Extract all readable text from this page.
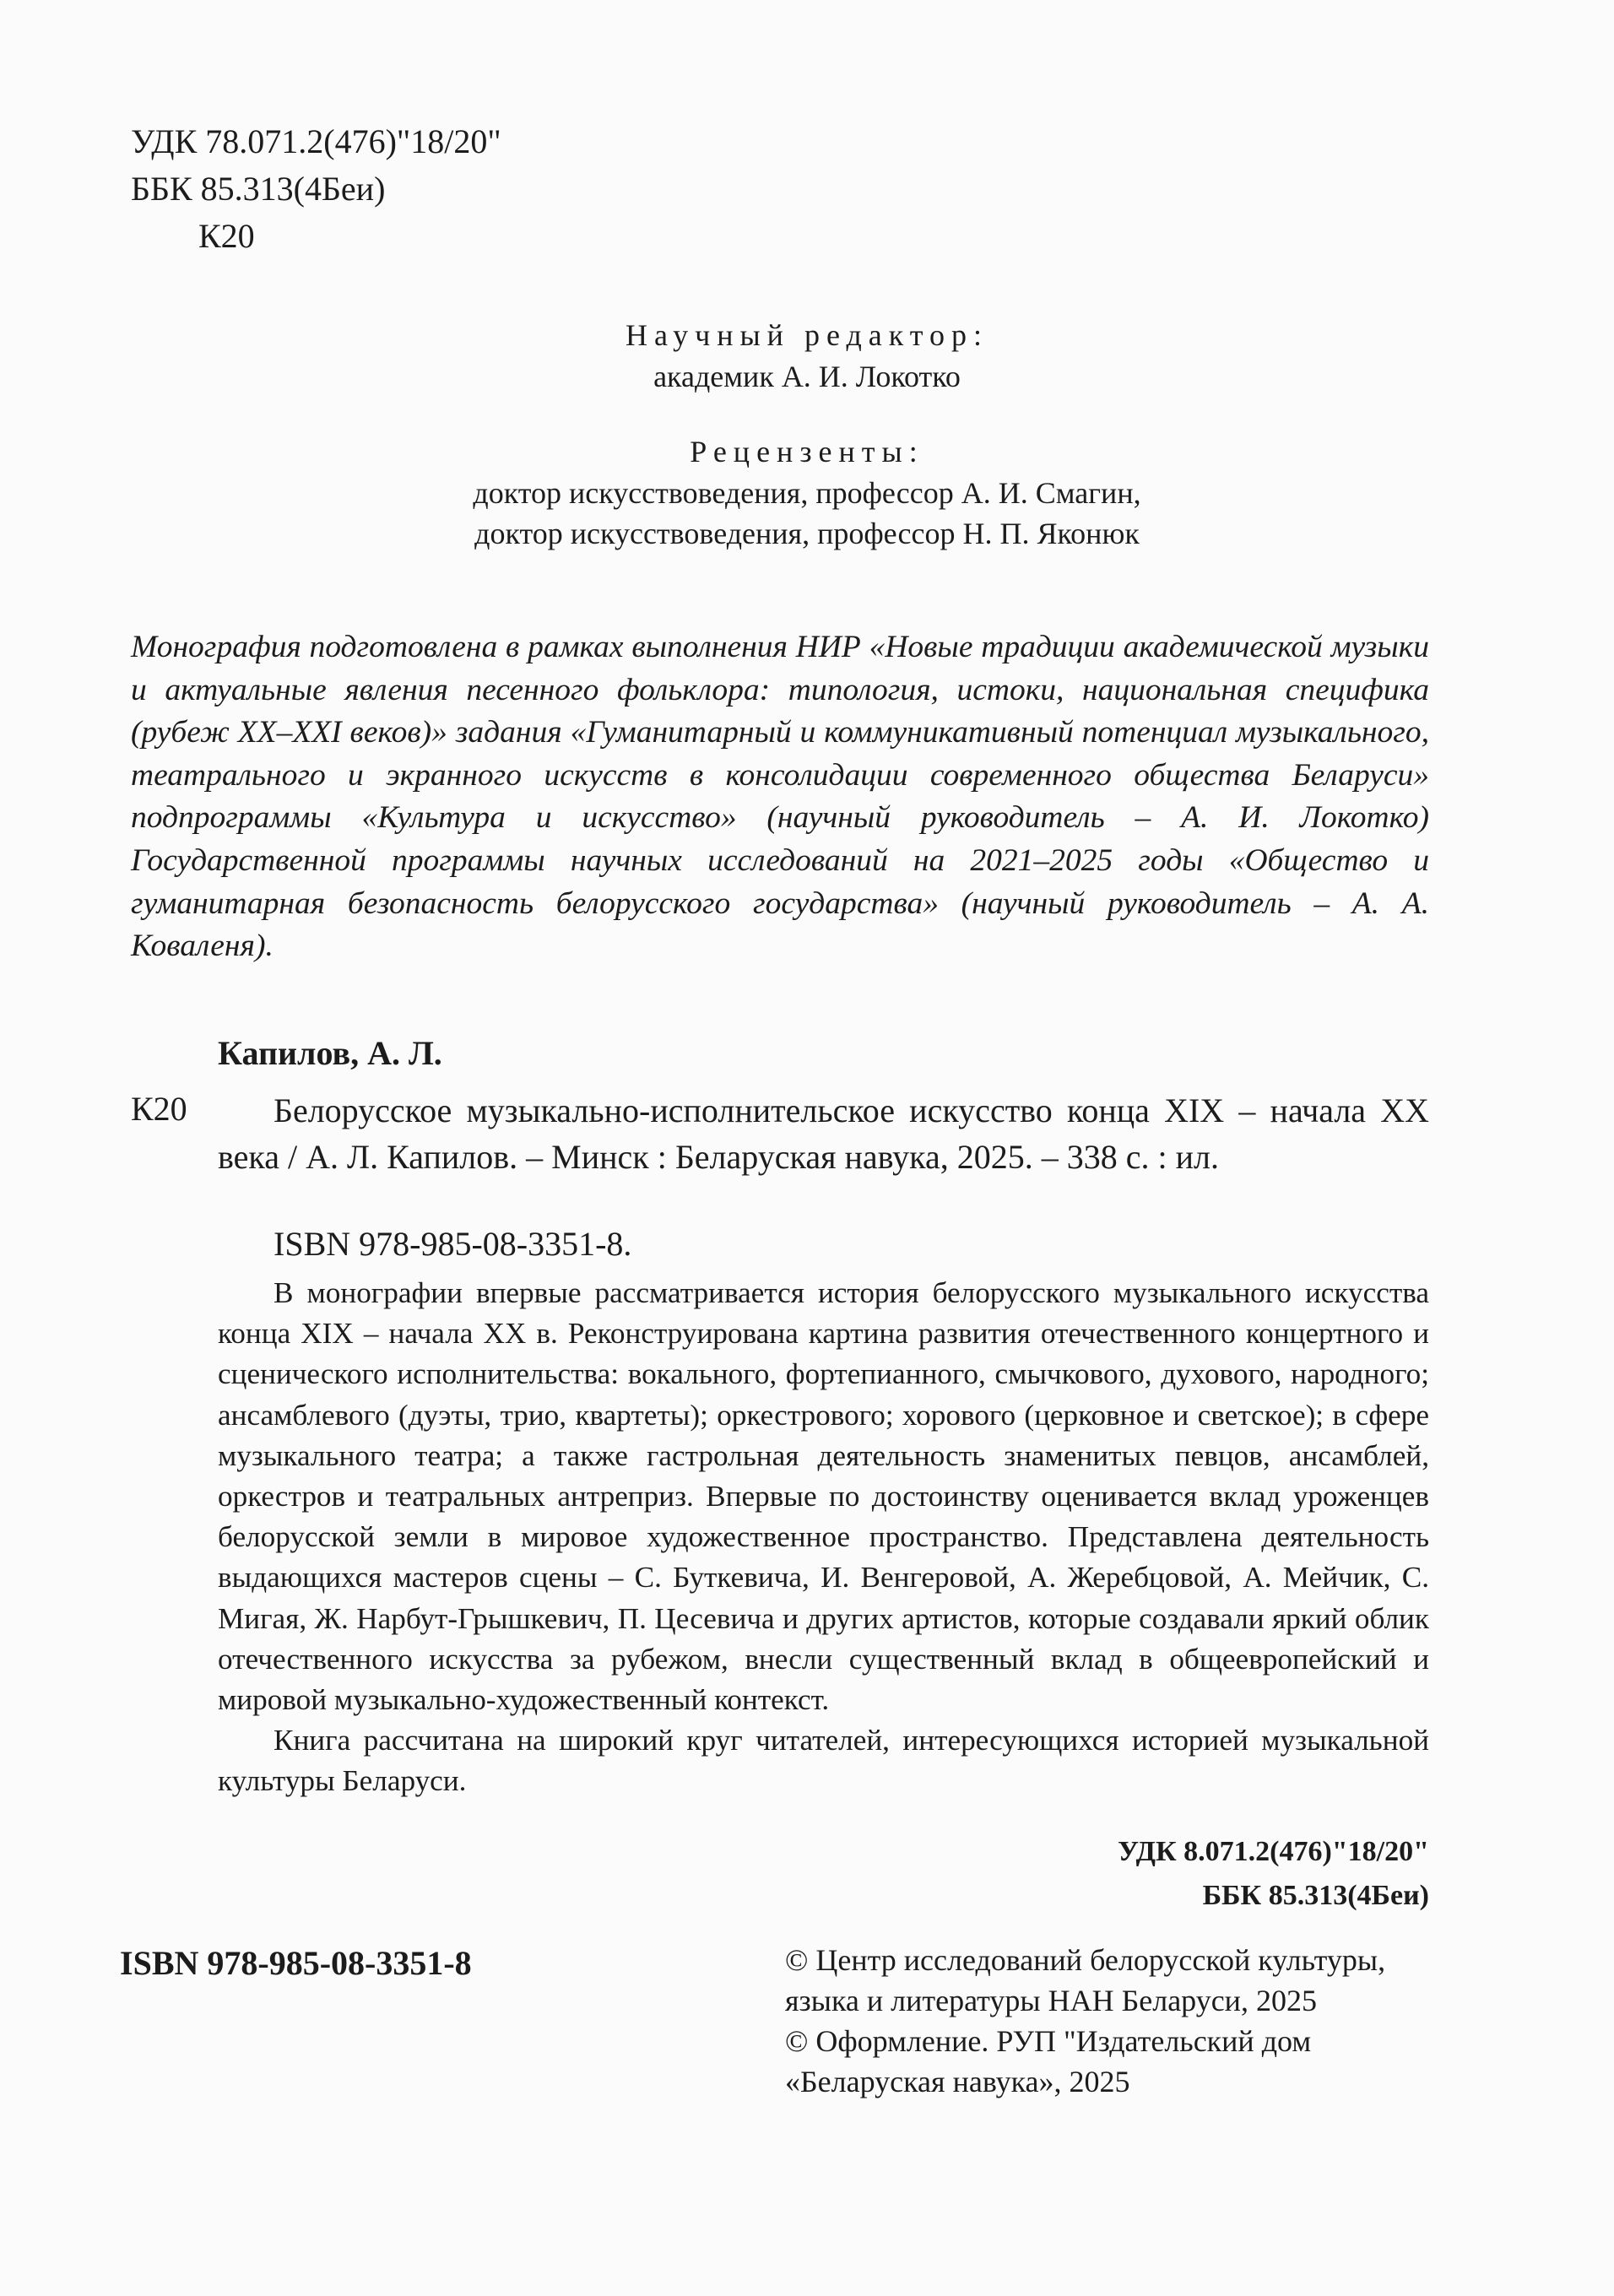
УДК 78.071.2(476)"18/20"
ББК 85.313(4Беи)
К20
Научный редактор:
академик А. И. Локотко
Рецензенты:
доктор искусствоведения, профессор А. И. Смагин,
доктор искусствоведения, профессор Н. П. Яконюк
Монография подготовлена в рамках выполнения НИР «Новые традиции академической музыки и актуальные явления песенного фольклора: типология, истоки, национальная специфика (рубеж XX–XXI веков)» задания «Гуманитарный и коммуникативный потенциал музыкального, театрального и экранного искусств в консолидации современного общества Беларуси» подпрограммы «Культура и искусство» (научный руководитель – А. И. Локотко) Государственной программы научных исследований на 2021–2025 годы «Общество и гуманитарная безопасность белорусского государства» (научный руководитель – А. А. Коваленя).
Капилов, А. Л.
К20	Белорусское музыкально-исполнительское искусство конца XIX – начала XX века / А. Л. Капилов. – Минск : Беларуская навука, 2025. – 338 с. : ил.
ISBN 978-985-08-3351-8.

В монографии впервые рассматривается история белорусского музыкального искусства конца XIX – начала XX в. Реконструирована картина развития отечественного концертного и сценического исполнительства: вокального, фортепианного, смычкового, духового, народного; ансамблевого (дуэты, трио, квартеты); оркестрового; хорового (церковное и светское); в сфере музыкального театра; а также гастрольная деятельность знаменитых певцов, ансамблей, оркестров и театральных антреприз. Впервые по достоинству оценивается вклад уроженцев белорусской земли в мировое художественное пространство. Представлена деятельность выдающихся мастеров сцены – С. Буткевича, И. Венгеровой, А. Жеребцовой, А. Мейчик, С. Мигая, Ж. Нарбут-Грышкевич, П. Цесевича и других артистов, которые создавали яркий облик отечественного искусства за рубежом, внесли существенный вклад в общеевропейский и мировой музыкально-художественный контекст.

Книга рассчитана на широкий круг читателей, интересующихся историей музыкальной культуры Беларуси.

УДК 8.071.2(476)"18/20"
ББК 85.313(4Беи)
ISBN 978-985-08-3351-8	© Центр исследований белорусской культуры,
языка и литературы НАН Беларуси, 2025
© Оформление. РУП "Издательский дом
«Беларуская навука», 2025
